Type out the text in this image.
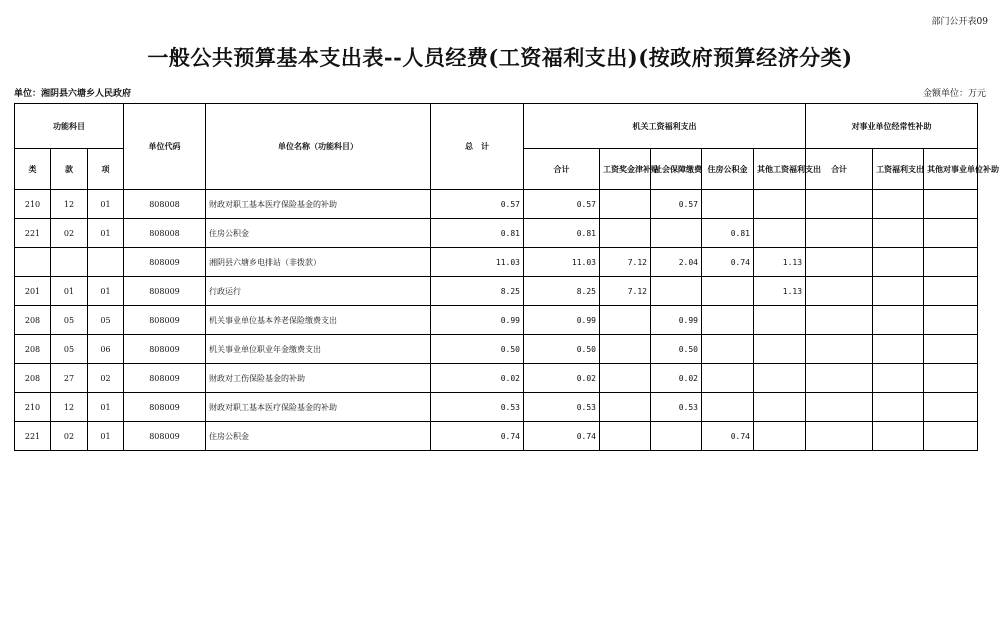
部门公开表09
一般公共预算基本支出表--人员经费(工资福利支出)(按政府预算经济分类)
单位：湘阴县六塘乡人民政府	金额单位：万元
功能科目			单位代码	单位名称（功能科目）	总　计	机关工资福利支出					对事业单位经常性补助		
类	款	项				合计	工资奖金津补贴	社会保障缴费	住房公积金	其他工资福利支出	合计	工资福利支出	其他对事业单位补助
210	12	01	808008	财政对职工基本医疗保险基金的补助	0.57	0.57		0.57					
221	02	01	808008	住房公积金	0.81	0.81			0.81				
			808009	湘阴县六塘乡电排站（非拨款）	11.03	11.03	7.12	2.04	0.74	1.13			
201	01	01	808009	行政运行	8.25	8.25	7.12			1.13			
208	05	05	808009	机关事业单位基本养老保险缴费支出	0.99	0.99		0.99					
208	05	06	808009	机关事业单位职业年金缴费支出	0.50	0.50		0.50					
208	27	02	808009	财政对工伤保险基金的补助	0.02	0.02		0.02					
210	12	01	808009	财政对职工基本医疗保险基金的补助	0.53	0.53		0.53					
221	02	01	808009	住房公积金	0.74	0.74			0.74				
